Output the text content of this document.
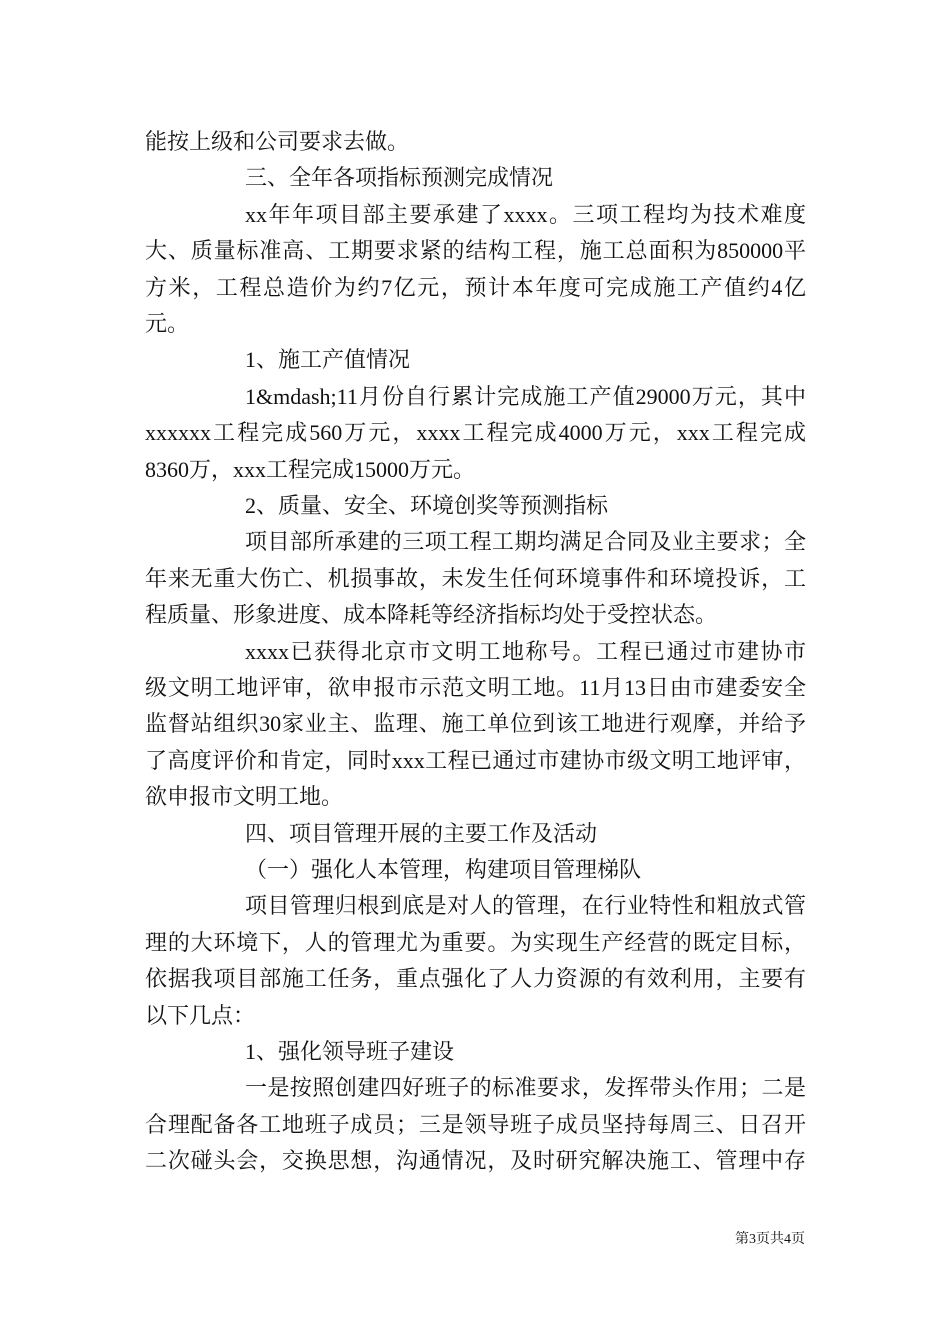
能按上级和公司要求去做。
三、全年各项指标预测完成情况
xx年年项目部主要承建了xxxx。三项工程均为技术难度
大、质量标准高、工期要求紧的结构工程，施工总面积为850000平
方米，工程总造价为约7亿元，预计本年度可完成施工产值约4亿
元。
1、施工产值情况
1&mdash;11月份自行累计完成施工产值29000万元，其中
xxxxxx工程完成560万元，xxxx工程完成4000万元，xxx工程完成
8360万，xxx工程完成15000万元。
2、质量、安全、环境创奖等预测指标
项目部所承建的三项工程工期均满足合同及业主要求；全
年来无重大伤亡、机损事故，未发生任何环境事件和环境投诉，工
程质量、形象进度、成本降耗等经济指标均处于受控状态。
xxxx已获得北京市文明工地称号。工程已通过市建协市
级文明工地评审，欲申报市示范文明工地。11月13日由市建委安全
监督站组织30家业主、监理、施工单位到该工地进行观摩，并给予
了高度评价和肯定，同时xxx工程已通过市建协市级文明工地评审，
欲申报市文明工地。
四、项目管理开展的主要工作及活动
（一）强化人本管理，构建项目管理梯队
项目管理归根到底是对人的管理，在行业特性和粗放式管
理的大环境下，人的管理尤为重要。为实现生产经营的既定目标，
依据我项目部施工任务，重点强化了人力资源的有效利用，主要有
以下几点：
1、强化领导班子建设
一是按照创建四好班子的标准要求，发挥带头作用；二是
合理配备各工地班子成员；三是领导班子成员坚持每周三、日召开
二次碰头会，交换思想，沟通情况，及时研究解决施工、管理中存
第3页共4页
